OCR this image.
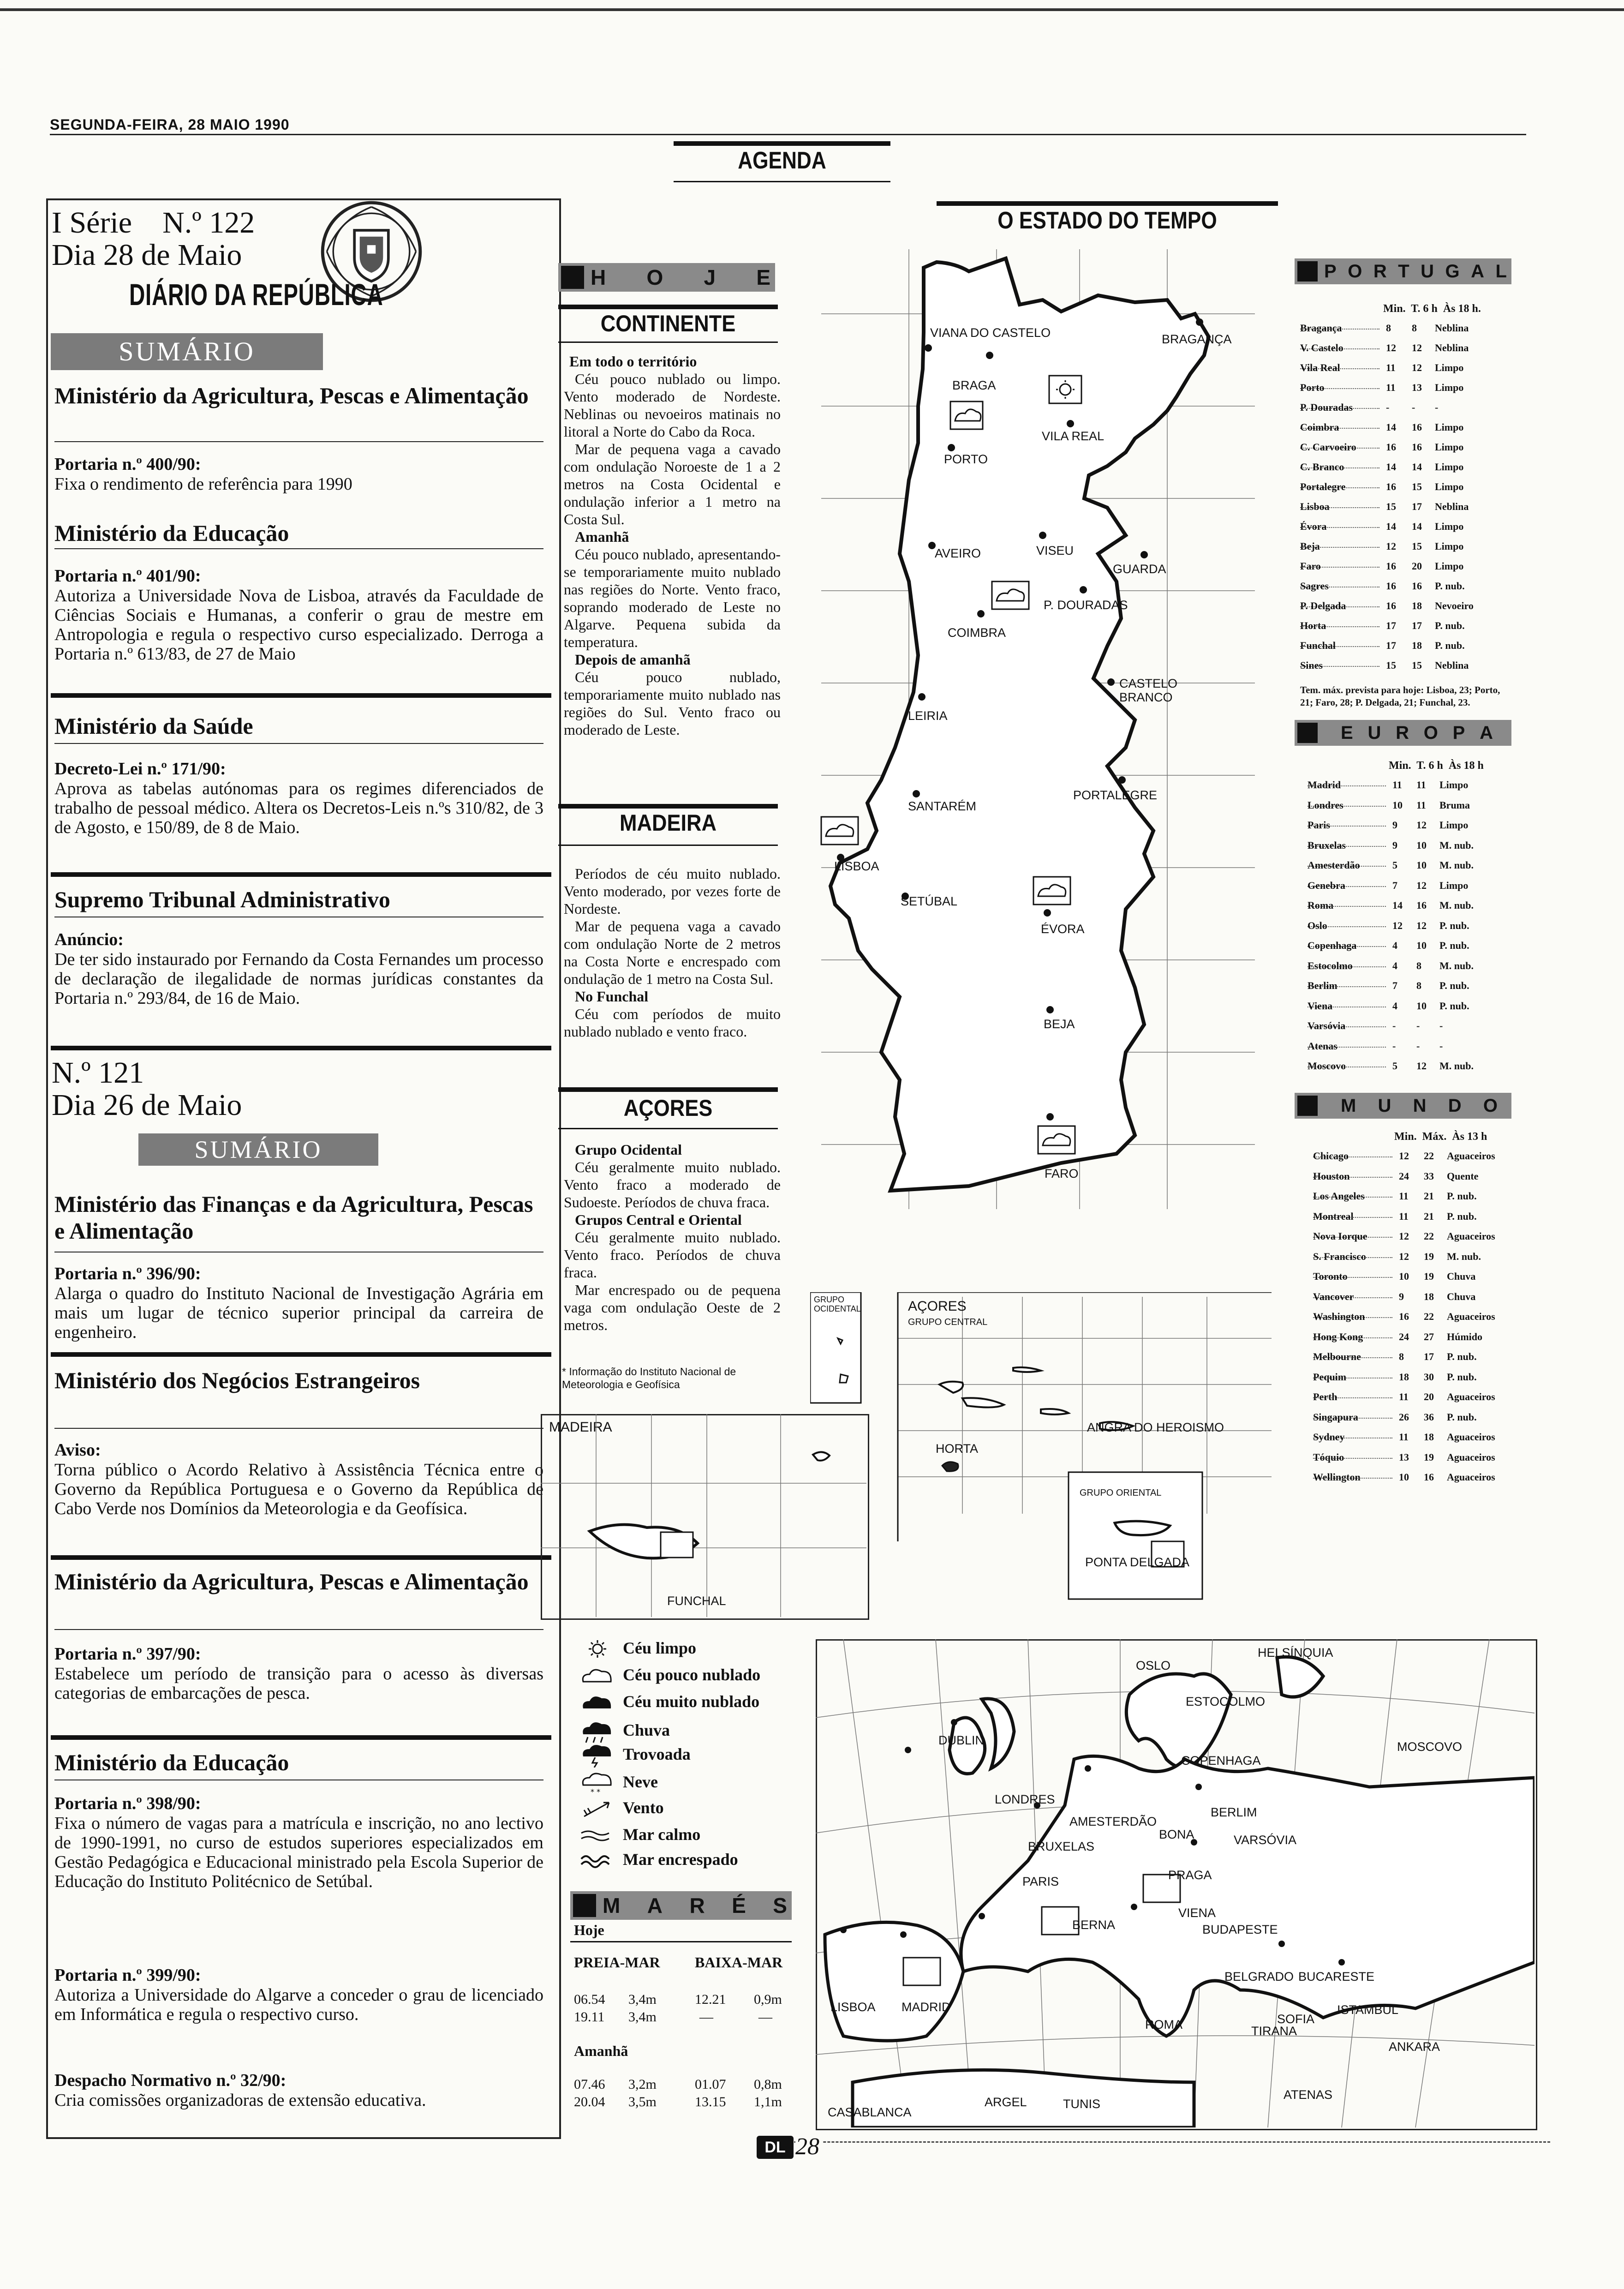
SEGUNDA-FEIRA, 28 MAIO 1990
AGENDA
I Série    N.º 122
Dia 28 de Maio
DIÁRIO DA REPÚBLICA
SUMÁRIO
Ministério da Agricultura, Pescas e Alimentação
Portaria n.º 400/90:
Fixa o rendimento de referência para 1990
Ministério da Educação
Portaria n.º 401/90:
Autoriza a Universidade Nova de Lisboa, através da Faculdade de Ciências Sociais e Humanas, a conferir o grau de mestre em Antropologia e regula o respectivo curso especializado. Derroga a Portaria n.º 613/83, de 27 de Maio
Ministério da Saúde
Decreto-Lei n.º 171/90:
Aprova as tabelas autónomas para os regimes diferenciados de trabalho de pessoal médico. Altera os Decretos-Leis n.ºs 310/82, de 3 de Agosto, e 150/89, de 8 de Maio.
Supremo Tribunal Administrativo
Anúncio:
De ter sido instaurado por Fernando da Costa Fernandes um processo de declaração de ilegalidade de normas jurídicas constantes da Portaria n.º 293/84, de 16 de Maio.
N.º 121
Dia 26 de Maio
SUMÁRIO
Ministério das Finanças e da Agricultura, Pescas e Alimentação
Portaria n.º 396/90:
Alarga o quadro do Instituto Nacional de Investigação Agrária em mais um lugar de técnico superior principal da carreira de engenheiro.
Ministério dos Negócios Estrangeiros
Aviso:
Torna público o Acordo Relativo à Assistência Técnica entre o Governo da República Portuguesa e o Governo da República de Cabo Verde nos Domínios da Meteorologia e da Geofísica.
Ministério da Agricultura, Pescas e Alimentação
Portaria n.º 397/90:
Estabelece um período de transição para o acesso às diversas categorias de embarcações de pesca.
Ministério da Educação
Portaria n.º 398/90:
Fixa o número de vagas para a matrícula e inscrição, no ano lectivo de 1990-1991, no curso de estudos superiores especializados em Gestão Pedagógica e Educacional ministrado pela Escola Superior de Educação do Instituto Politécnico de Setúbal.
Portaria n.º 399/90:
Autoriza a Universidade do Algarve a conceder o grau de licenciado em Informática e regula o respectivo curso.
Despacho Normativo n.º 32/90:
Cria comissões organizadoras de extensão educativa.
H O J E
CONTINENTE
Em todo o território
Céu pouco nublado ou limpo. Vento moderado de Nordeste. Neblinas ou nevoeiros matinais no litoral a Norte do Cabo da Roca.
Mar de pequena vaga a cavado com ondulação Noroeste de 1 a 2 metros na Costa Ocidental e ondulação inferior a 1 metro na Costa Sul.
Amanhã
Céu pouco nublado, apresentando-se temporariamente muito nublado nas regiões do Norte. Vento fraco, soprando moderado de Leste no Algarve. Pequena subida da temperatura.
Depois de amanhã
Céu pouco nublado, temporariamente muito nublado nas regiões do Sul. Vento fraco ou moderado de Leste.
MADEIRA
Períodos de céu muito nublado. Vento moderado, por vezes forte de Nordeste.
Mar de pequena vaga a cavado com ondulação Norte de 2 metros na Costa Norte e encrespado com ondulação de 1 metro na Costa Sul.
No Funchal
Céu com períodos de muito nublado nublado e vento fraco.
AÇORES
Grupo Ocidental
Céu geralmente muito nublado. Vento fraco a moderado de Sudoeste. Períodos de chuva fraca.
Grupos Central e Oriental
Céu geralmente muito nublado. Vento fraco. Períodos de chuva fraca.
Mar encrespado ou de pequena vaga com ondulação Oeste de 2 metros.
* Informação do Instituto Nacional de Meteorologia e Geofísica
O ESTADO DO TEMPO
VIANA DO CASTELO
BRAGA
BRAGANÇA
VILA REAL
PORTO
AVEIRO	VISEU
GUARDA
P. DOURADAS
COIMBRA
CASTELO BRANCO
LEIRIA
PORTALEGRE
SANTARÉM
LISBOA
SETÚBAL
ÉVORA
BEJA
FARO
GRUPO OCIDENTAL	AÇORES
GRUPO CENTRAL
HORTA
ANGRA DO HEROISMO
GRUPO ORIENTAL
PONTA DELGADA
MADEIRA
FUNCHAL
Céu limpo
Céu pouco nublado
Céu muito nublado
Chuva
Trovoada
* *
Neve
Vento
Mar calmo
Mar encrespado
M A R É S
Hoje
PREIA-MAR BAIXA-MAR
06.54 3,4m	12.21 0,9m
19.11 3,4m	—	—
Amanhã
07.46 3,2m	01.07 0,8m
20.04 3,5m	13.15 1,1m
OSLO
HELSÍNQUIA
ESTOCOLMO
MOSCOVO
DUBLIN
COPENHAGA
LONDRES
AMESTERDÃO
BERLIM
BONA	VARSÓVIA
BRUXELAS
PARIS	PRAGA
VIENA
BERNA	BUDAPESTE
BELGRADO BUCARESTE
SOFIA
ISTAMBUL
LISBOA MADRID
ROMA	TIRANA
ANKARA
ATENAS
ARGEL	TUNIS
CASABLANCA
P O R T U G A L
Min. T. 6 h Às 18 h.
Bragança	8 8 Neblina
V. Castelo	12 12 Neblina
Vila Real	11 12 Limpo
Porto	11 13 Limpo
P. Douradas	- - -
Coimbra	14 16 Limpo
C. Carvoeiro	16 16 Limpo
C. Branco	14 14 Limpo
Portalegre	16 15 Limpo
Lisboa	15 17 Neblina
Évora	14 14 Limpo
Beja	12 15 Limpo
Faro	16 20 Limpo
Sagres	16 16 P. nub.
P. Delgada	16 18 Nevoeiro
Horta	17 17 P. nub.
Funchal	17 18 P. nub.
Sines	15 15 Neblina
Tem. máx. prevista para hoje: Lisboa, 23; Porto, 21; Faro, 28; P. Delgada, 21; Funchal, 23.
E U R O P A
Min. T. 6 h Às 18 h
Madrid	11 11 Limpo
Londres	10 11 Bruma
Paris	9 12 Limpo
Bruxelas	9 10 M. nub.
Amesterdão	5 10 M. nub.
Genebra	7 12 Limpo
Roma	14 16 M. nub.
Oslo	12 12 P. nub.
Copenhaga	4 10 P. nub.
Estocolmo	4 8 M. nub.
Berlim	7 8 P. nub.
Viena	4 10 P. nub.
Varsóvia	- - -
Atenas	- - -
Moscovo	5 12 M. nub.
M U N D O
Min. Máx. Às 13 h
Chicago	12 22 Aguaceiros
Houston	24 33 Quente
Los Angeles	11 21 P. nub.
Montreal	11 21 P. nub.
Nova Iorque	12 22 Aguaceiros
S. Francisco	12 19 M. nub.
Toronto	10 19 Chuva
Vancover	9 18 Chuva
Washington	16 22 Aguaceiros
Hong Kong	24 27 Húmido
Melbourne	8 17 P. nub.
Pequim	18 30 P. nub.
Perth	11 20 Aguaceiros
Singapura	26 36 P. nub.
Sydney	11 18 Aguaceiros
Tóquio	13 19 Aguaceiros
Wellington	10 16 Aguaceiros
DL 28
